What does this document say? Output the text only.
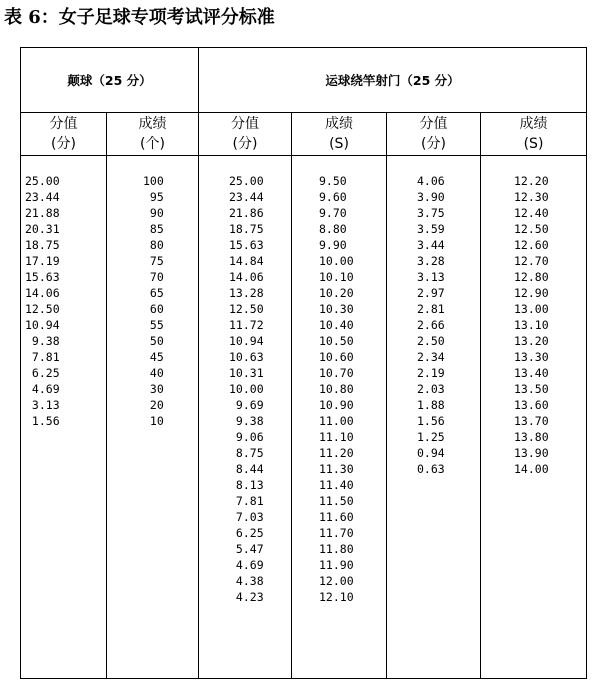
表 6：女子足球专项考试评分标准
颠球（25 分）	运球绕竿射门（25 分）
分值
(分)
成绩
(个)
分值
(分)
成绩
(S)
分值
(分)
成绩
(S)
25.00
23.44
21.88
20.31
18.75
17.19
15.63
14.06
12.50
10.94
9.38
7.81
6.25
4.69
3.13
1.56
100
95
90
85
80
75
70
65
60
55
50
45
40
30
20
10
25.00
23.44
21.86
18.75
15.63
14.84
14.06
13.28
12.50
11.72
10.94
10.63
10.31
10.00
9.69
9.38
9.06
8.75
8.44
8.13
7.81
7.03
6.25
5.47
4.69
4.38
4.23
9.50
9.60
9.70
8.80
9.90
10.00
10.10
10.20
10.30
10.40
10.50
10.60
10.70
10.80
10.90
11.00
11.10
11.20
11.30
11.40
11.50
11.60
11.70
11.80
11.90
12.00
12.10
4.06
3.90
3.75
3.59
3.44
3.28
3.13
2.97
2.81
2.66
2.50
2.34
2.19
2.03
1.88
1.56
1.25
0.94
0.63
12.20
12.30
12.40
12.50
12.60
12.70
12.80
12.90
13.00
13.10
13.20
13.30
13.40
13.50
13.60
13.70
13.80
13.90
14.00
